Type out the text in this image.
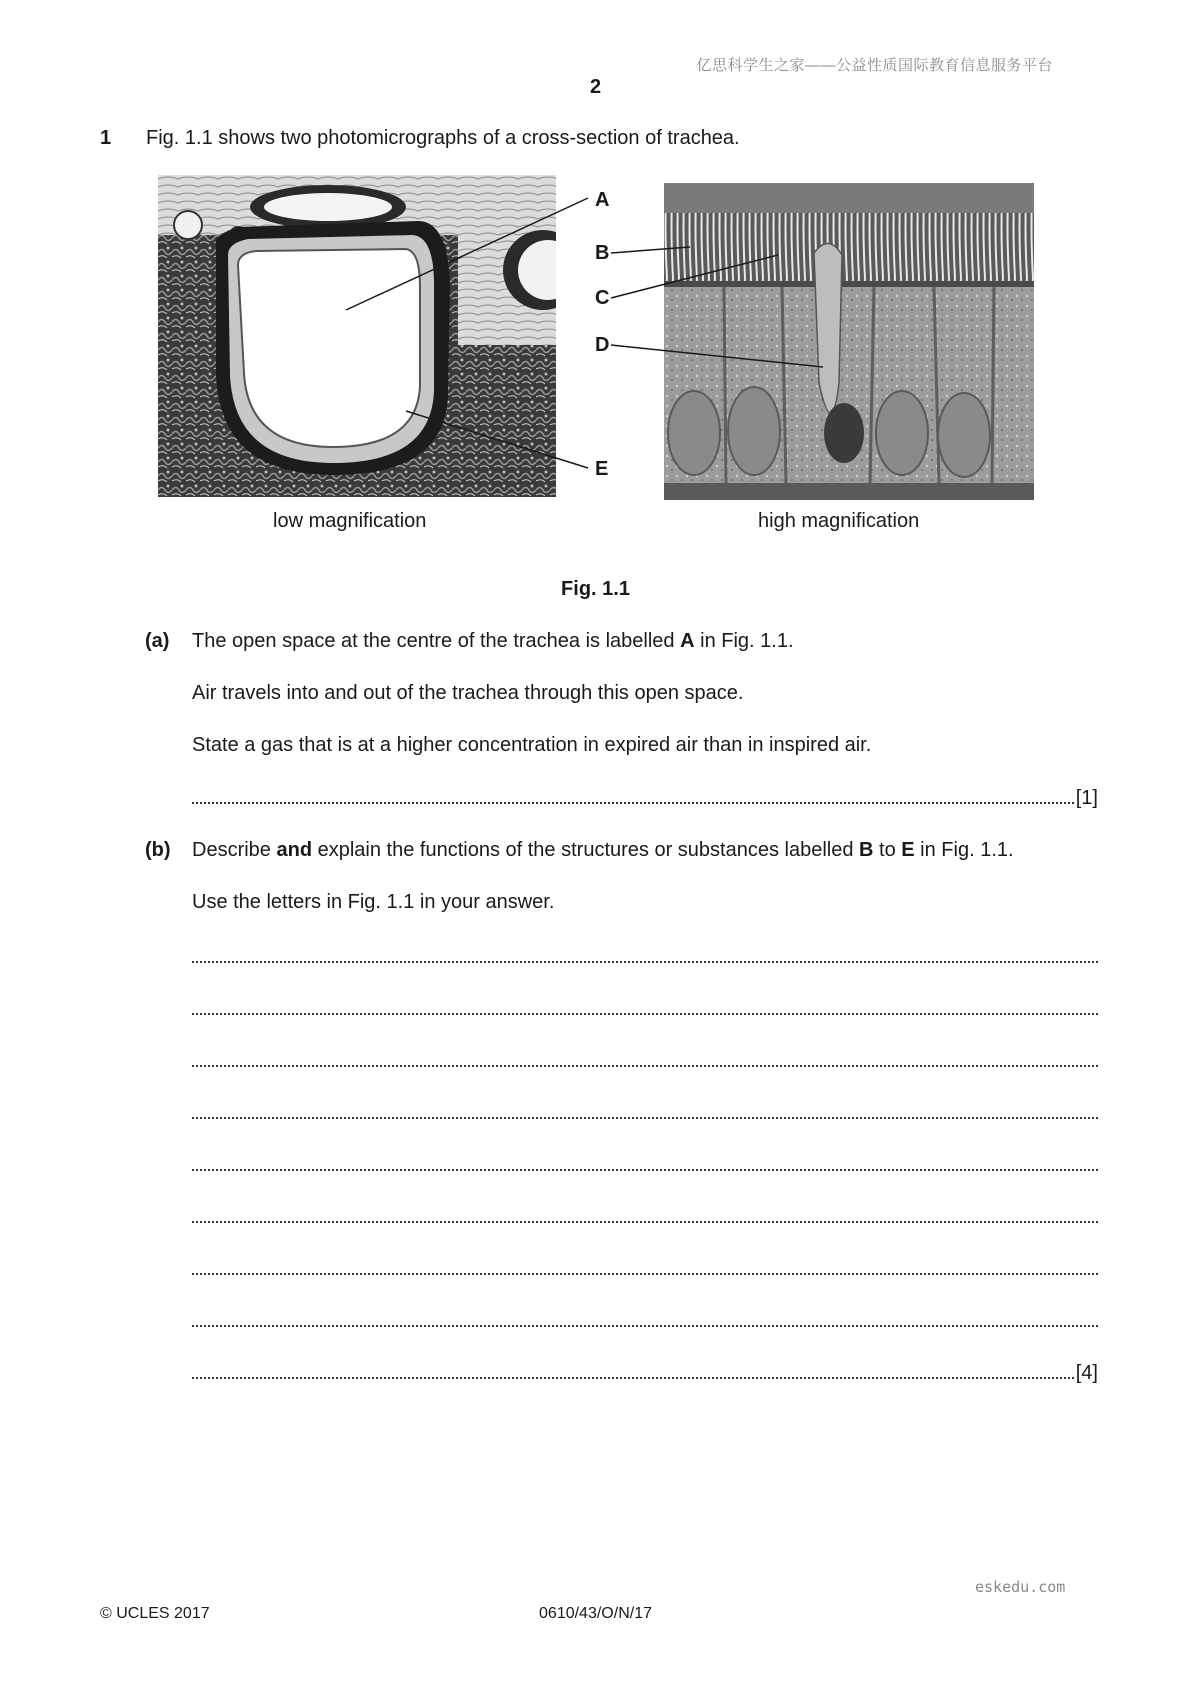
亿思科学生之家——公益性质国际教育信息服务平台
2
1 Fig. 1.1 shows two photomicrographs of a cross-section of trachea.
A
B
C
D
E
low magnification	high magnification
Fig. 1.1
(a) The open space at the centre of the trachea is labelled A in Fig. 1.1.
Air travels into and out of the trachea through this open space.
State a gas that is at a higher concentration in expired air than in inspired air.
[1]
(b) Describe and explain the functions of the structures or substances labelled B to E in Fig. 1.1.
Use the letters in Fig. 1.1 in your answer.
[4]
eskedu.com
© UCLES 2017	0610/43/O/N/17
